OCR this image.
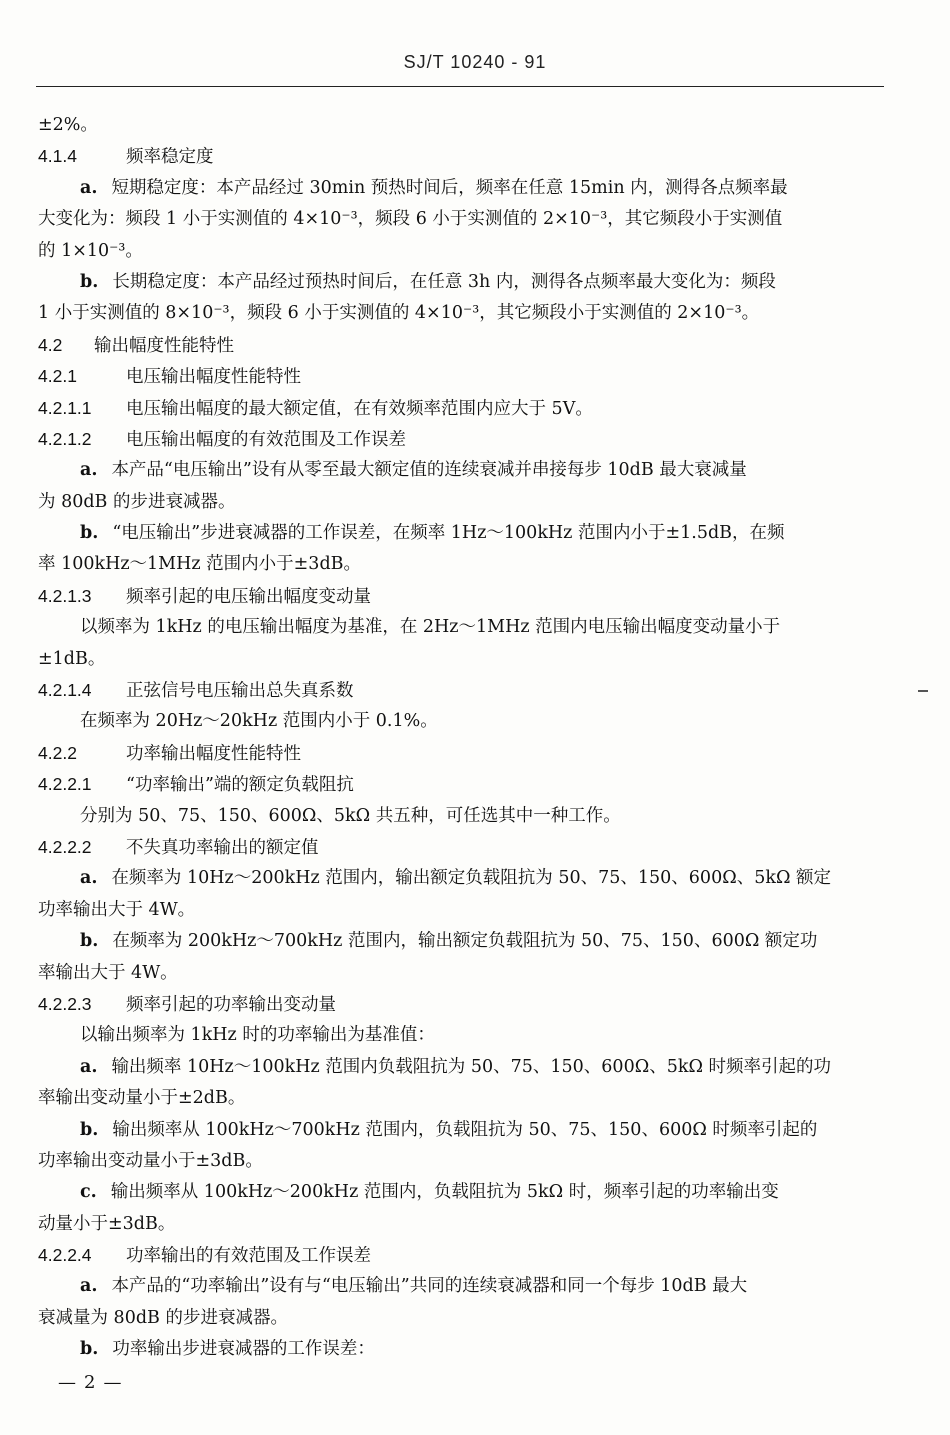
SJ/T 10240 - 91
±2%。
4.1.4	频率稳定度
a. 短期稳定度：本产品经过 30min 预热时间后，频率在任意 15min 内，测得各点频率最
大变化为：频段 1 小于实测值的 4×10⁻³，频段 6 小于实测值的 2×10⁻³，其它频段小于实测值
的 1×10⁻³。
b. 长期稳定度：本产品经过预热时间后，在任意 3h 内，测得各点频率最大变化为：频段
1 小于实测值的 8×10⁻³，频段 6 小于实测值的 4×10⁻³，其它频段小于实测值的 2×10⁻³。
4.2 输出幅度性能特性
4.2.1	电压输出幅度性能特性
4.2.1.1 电压输出幅度的最大额定值，在有效频率范围内应大于 5V。
4.2.1.2 电压输出幅度的有效范围及工作误差
a. 本产品“电压输出”设有从零至最大额定值的连续衰减并串接每步 10dB 最大衰减量
为 80dB 的步进衰减器。
b. “电压输出”步进衰减器的工作误差，在频率 1Hz～100kHz 范围内小于±1.5dB，在频
率 100kHz～1MHz 范围内小于±3dB。
4.2.1.3 频率引起的电压输出幅度变动量
以频率为 1kHz 的电压输出幅度为基准，在 2Hz～1MHz 范围内电压输出幅度变动量小于
±1dB。
4.2.1.4 正弦信号电压输出总失真系数
在频率为 20Hz～20kHz 范围内小于 0.1%。
4.2.2	功率输出幅度性能特性
4.2.2.1 “功率输出”端的额定负载阻抗
分别为 50、75、150、600Ω、5kΩ 共五种，可任选其中一种工作。
4.2.2.2 不失真功率输出的额定值
a. 在频率为 10Hz～200kHz 范围内，输出额定负载阻抗为 50、75、150、600Ω、5kΩ 额定
功率输出大于 4W。
b. 在频率为 200kHz～700kHz 范围内，输出额定负载阻抗为 50、75、150、600Ω 额定功
率输出大于 4W。
4.2.2.3 频率引起的功率输出变动量
以输出频率为 1kHz 时的功率输出为基准值：
a. 输出频率 10Hz～100kHz 范围内负载阻抗为 50、75、150、600Ω、5kΩ 时频率引起的功
率输出变动量小于±2dB。
b. 输出频率从 100kHz～700kHz 范围内，负载阻抗为 50、75、150、600Ω 时频率引起的
功率输出变动量小于±3dB。
c. 输出频率从 100kHz～200kHz 范围内，负载阻抗为 5kΩ 时，频率引起的功率输出变
动量小于±3dB。
4.2.2.4 功率输出的有效范围及工作误差
a. 本产品的“功率输出”设有与“电压输出”共同的连续衰减器和同一个每步 10dB 最大
衰减量为 80dB 的步进衰减器。
b. 功率输出步进衰减器的工作误差：
— 2 —
